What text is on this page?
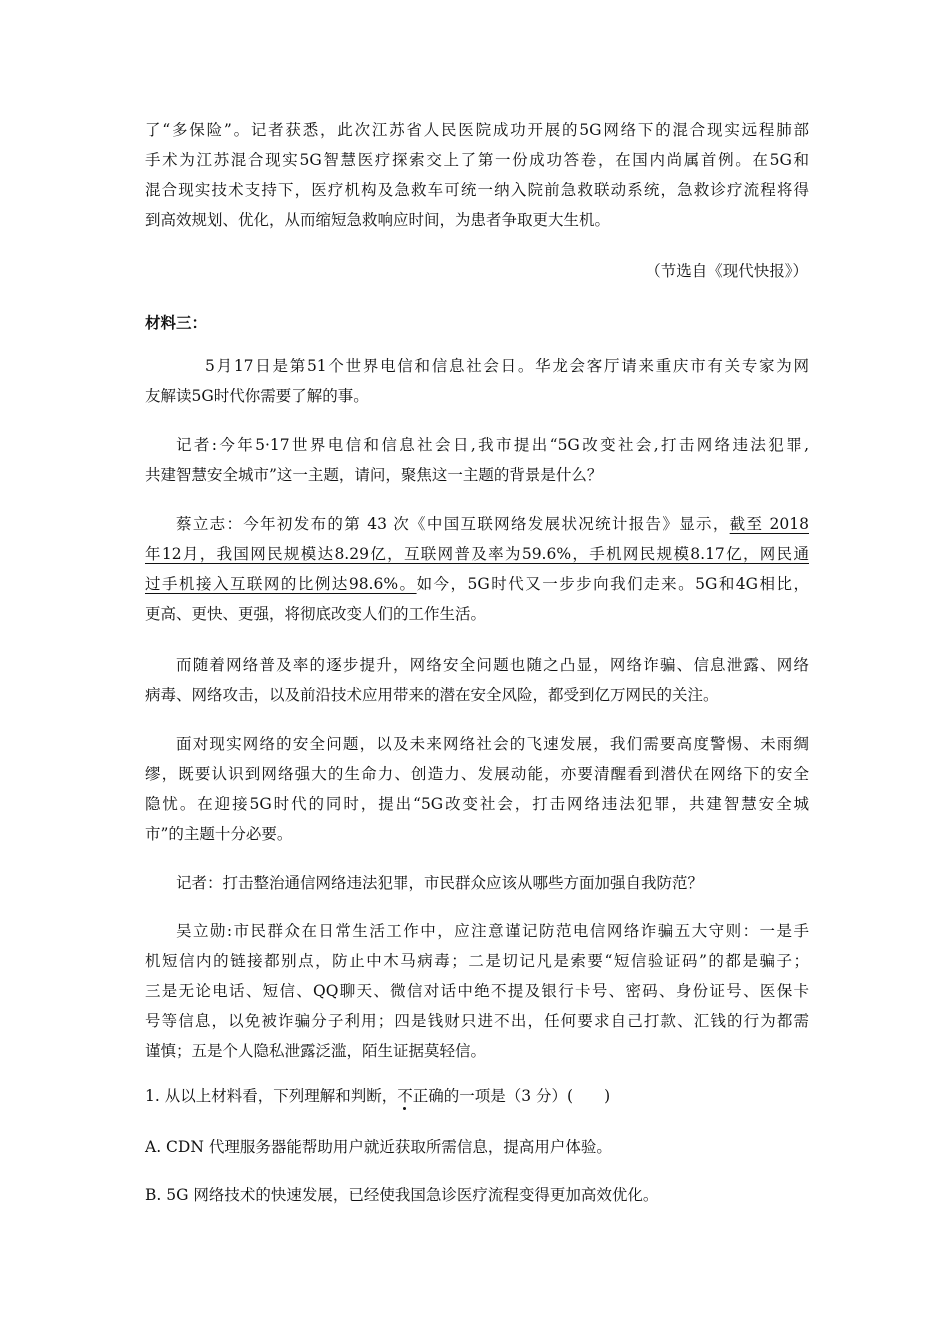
了“多保险”。记者获悉，此次江苏省人民医院成功开展的5G网络下的混合现实远程肺部
手术为江苏混合现实5G智慧医疗探索交上了第一份成功答卷，在国内尚属首例。在5G和
混合现实技术支持下，医疗机构及急救车可统一纳入院前急救联动系统，急救诊疗流程将得
到高效规划、优化，从而缩短急救响应时间，为患者争取更大生机。
（节选自《现代快报》）
材料三：
5月17日是第51个世界电信和信息社会日。华龙会客厅请来重庆市有关专家为网
友解读5G时代你需要了解的事。
记者:今年5·17世界电信和信息社会日,我市提出“5G改变社会,打击网络违法犯罪,
共建智慧安全城市”这一主题，请问，聚焦这一主题的背景是什么？
蔡立志：今年初发布的第 43 次《中国互联网络发展状况统计报告》显示，截至 2018
年12月，我国网民规模达8.29亿，互联网普及率为59.6%，手机网民规模8.17亿，网民通
过手机接入互联网的比例达98.6%。如今，5G时代又一步步向我们走来。5G和4G相比，
更高、更快、更强，将彻底改变人们的工作生活。
而随着网络普及率的逐步提升，网络安全问题也随之凸显，网络诈骗、信息泄露、网络
病毒、网络攻击，以及前沿技术应用带来的潜在安全风险，都受到亿万网民的关注。
面对现实网络的安全问题，以及未来网络社会的飞速发展，我们需要高度警惕、未雨绸
缪，既要认识到网络强大的生命力、创造力、发展动能，亦要清醒看到潜伏在网络下的安全
隐忧。在迎接5G时代的同时，提出“5G改变社会，打击网络违法犯罪，共建智慧安全城
市”的主题十分必要。
记者：打击整治通信网络违法犯罪，市民群众应该从哪些方面加强自我防范？
吴立勋:市民群众在日常生活工作中，应注意谨记防范电信网络诈骗五大守则：一是手
机短信内的链接都别点，防止中木马病毒；二是切记凡是索要“短信验证码”的都是骗子；
三是无论电话、短信、QQ聊天、微信对话中绝不提及银行卡号、密码、身份证号、医保卡
号等信息，以免被诈骗分子利用；四是钱财只进不出，任何要求自己打款、汇钱的行为都需
谨慎；五是个人隐私泄露泛滥，陌生证据莫轻信。
1. 从以上材料看，下列理解和判断，不正确的一项是（3 分）(　　)
A. CDN 代理服务器能帮助用户就近获取所需信息，提高用户体验。
B. 5G 网络技术的快速发展，已经使我国急诊医疗流程变得更加高效优化。
